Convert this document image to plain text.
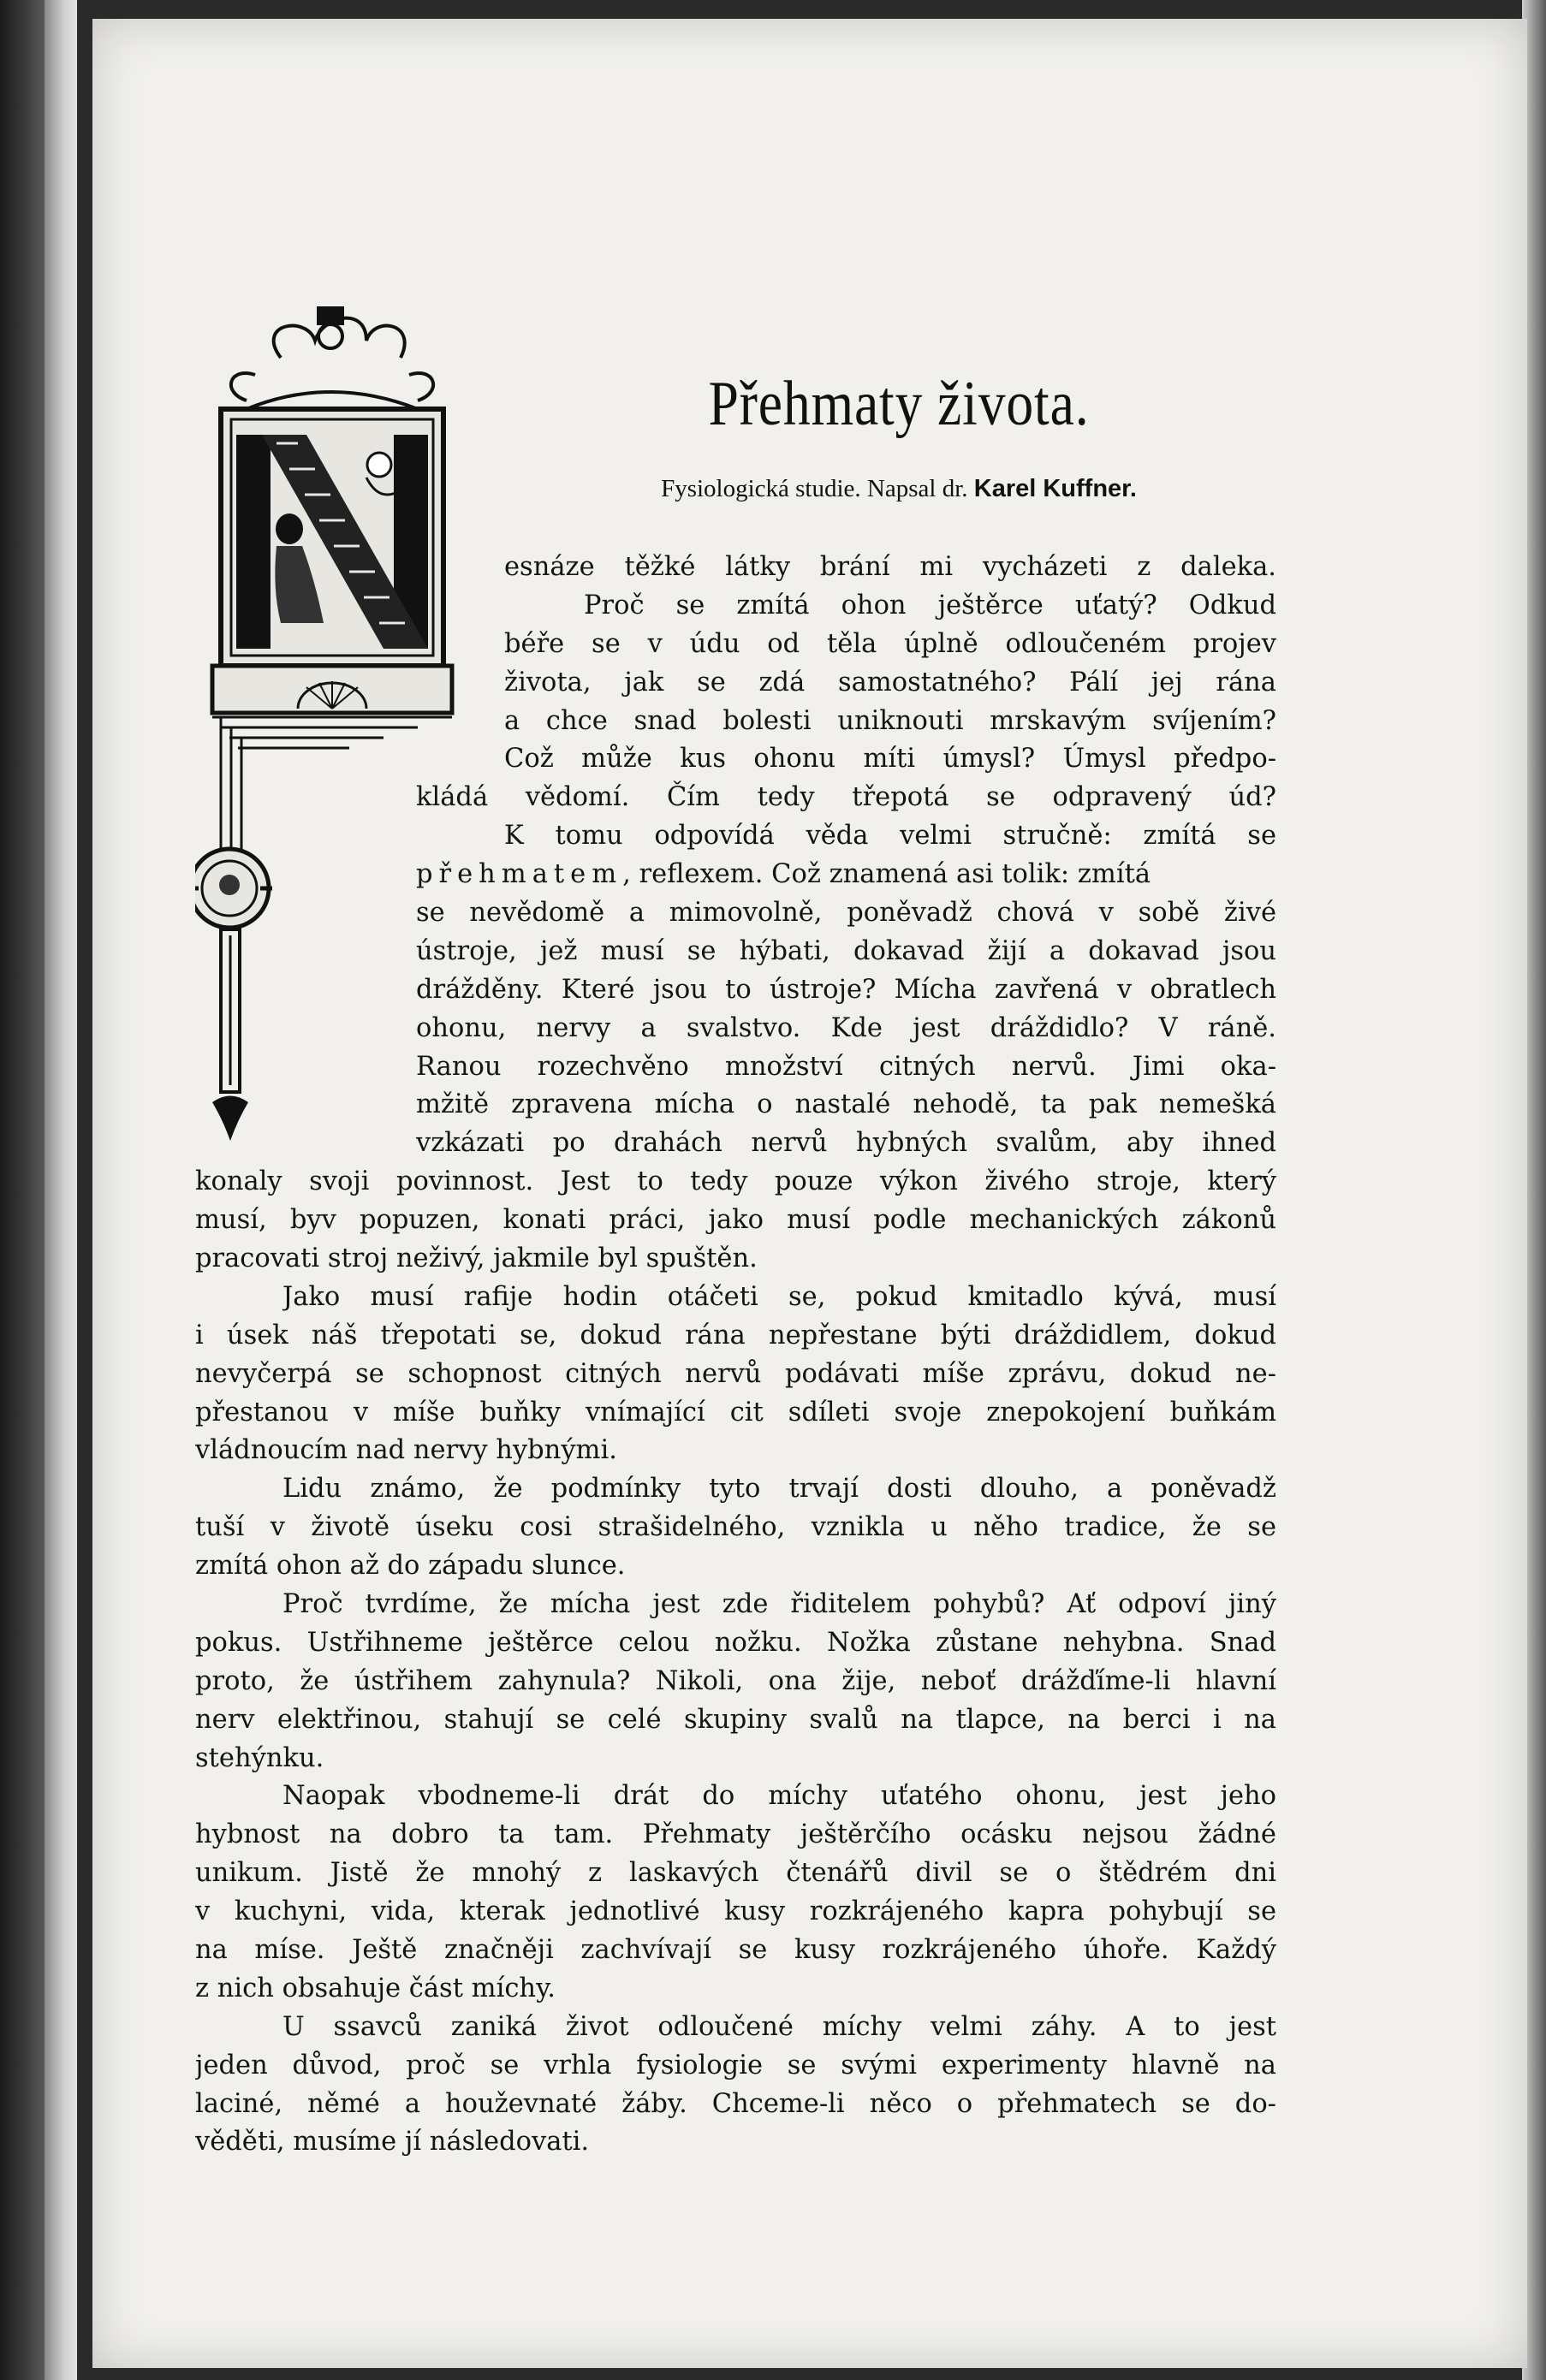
Přehmaty života.

Fysiologická studie. Napsal dr. Karel Kuffner.

esnáze těžké látky brání mi vycházeti z daleka.

Proč se zmítá ohon ještěrce uťatý? Odkud

béře se v údu od těla úplně odloučeném projev

života, jak se zdá samostatného? Pálí jej rána

a chce snad bolesti uniknouti mrskavým svíjením?

Což může kus ohonu míti úmysl? Úmysl předpo-

kládá vědomí. Čím tedy třepotá se odpravený úd?

K tomu odpovídá věda velmi stručně: zmítá se

přehmatem, reflexem. Což znamená asi tolik: zmítá

se nevědomě a mimovolně, poněvadž chová v sobě živé

ústroje, jež musí se hýbati, dokavad žijí a dokavad jsou

drážděny. Které jsou to ústroje? Mícha zavřená v obratlech

ohonu, nervy a svalstvo. Kde jest dráždidlo? V ráně.

Ranou rozechvěno množství citných nervů. Jimi oka-

mžitě zpravena mícha o nastalé nehodě, ta pak nemešká

vzkázati po drahách nervů hybných svalům, aby ihned

konaly svoji povinnost. Jest to tedy pouze výkon živého stroje, který

musí, byv popuzen, konati práci, jako musí podle mechanických zákonů

pracovati stroj neživý, jakmile byl spuštěn.

Jako musí rafije hodin otáčeti se, pokud kmitadlo kývá, musí

i úsek náš třepotati se, dokud rána nepřestane býti dráždidlem, dokud

nevyčerpá se schopnost citných nervů podávati míše zprávu, dokud ne-

přestanou v míše buňky vnímající cit sdíleti svoje znepokojení buňkám

vládnoucím nad nervy hybnými.

Lidu známo, že podmínky tyto trvají dosti dlouho, a poněvadž

tuší v životě úseku cosi strašidelného, vznikla u něho tradice, že se

zmítá ohon až do západu slunce.

Proč tvrdíme, že mícha jest zde řiditelem pohybů? Ať odpoví jiný

pokus. Ustřihneme ještěrce celou nožku. Nožka zůstane nehybna. Snad

proto, že ústřihem zahynula? Nikoli, ona žije, neboť drážďíme-li hlavní

nerv elektřinou, stahují se celé skupiny svalů na tlapce, na berci i na

stehýnku.

Naopak vbodneme-li drát do míchy uťatého ohonu, jest jeho

hybnost na dobro ta tam. Přehmaty ještěrčího ocásku nejsou žádné

unikum. Jistě že mnohý z laskavých čtenářů divil se o štědrém dni

v kuchyni, vida, kterak jednotlivé kusy rozkrájeného kapra pohybují se

na míse. Ještě značněji zachvívají se kusy rozkrájeného úhoře. Každý

z nich obsahuje část míchy.

U ssavců zaniká život odloučené míchy velmi záhy. A to jest

jeden důvod, proč se vrhla fysiologie se svými experimenty hlavně na

laciné, němé a houževnaté žáby. Chceme-li něco o přehmatech se do-

věděti, musíme jí následovati.
